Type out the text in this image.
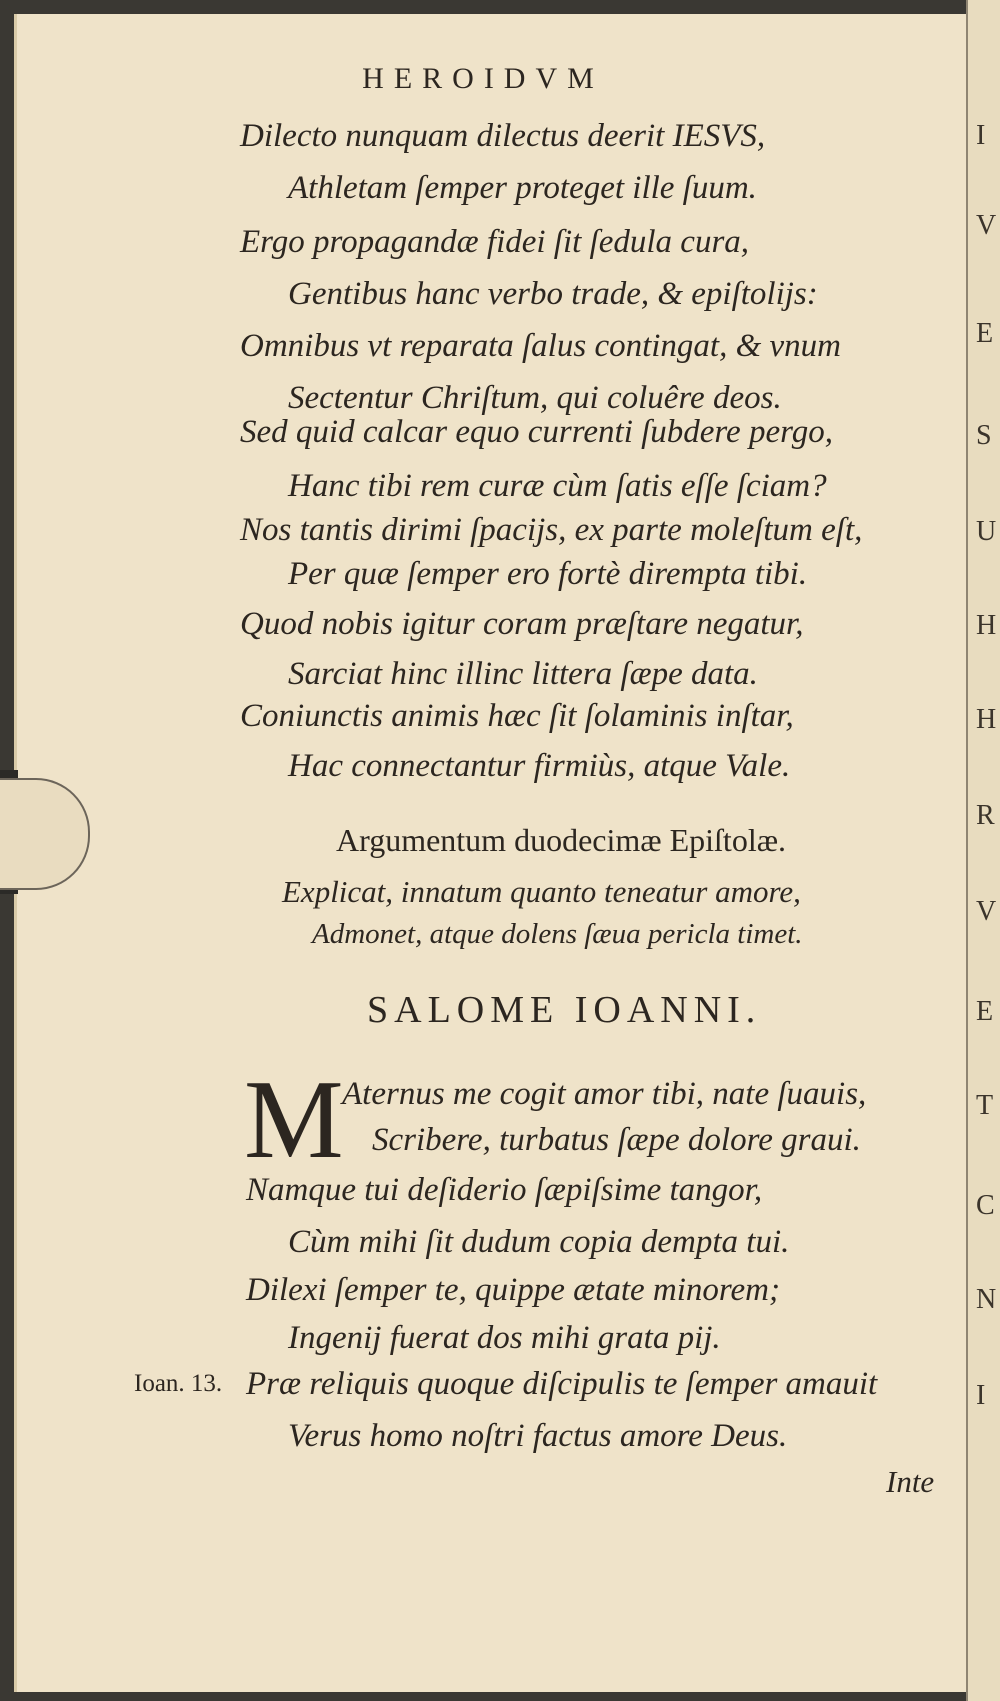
HEROIDVM
Dilecto nunquam dilectus deerit IESVS,
Athletam ſemper proteget ille ſuum.
Ergo propagandæ fidei ſit ſedula cura,
Gentibus hanc verbo trade, & epiſtolijs:
Omnibus vt reparata ſalus contingat, & vnum
Sectentur Chriſtum, qui coluêre deos.
Sed quid calcar equo currenti ſubdere pergo,
Hanc tibi rem curæ cùm ſatis eſſe ſciam?
Nos tantis dirimi ſpacijs, ex parte moleſtum eſt,
Per quæ ſemper ero fortè dirempta tibi.
Quod nobis igitur coram præſtare negatur,
Sarciat hinc illinc littera ſæpe data.
Coniunctis animis hæc ſit ſolaminis inſtar,
Hac connectantur firmiùs, atque Vale.
Argumentum duodecimæ Epiſtolæ.
Explicat, innatum quanto teneatur amore,
Admonet, atque dolens ſæua pericla timet.
SALOME IOANNI.
M
Aternus me cogit amor tibi, nate ſuauis,
Scribere, turbatus ſæpe dolore graui.
Namque tui deſiderio ſæpiſsime tangor,
Cùm mihi ſit dudum copia dempta tui.
Dilexi ſemper te, quippe ætate minorem;
Ingenij fuerat dos mihi grata pij.
Præ reliquis quoque diſcipulis te ſemper amauit
Verus homo noſtri factus amore Deus.
Ioan. 13.
Inte
I
V
E
S
U
H
H
R
V
E
T
C
N
I
